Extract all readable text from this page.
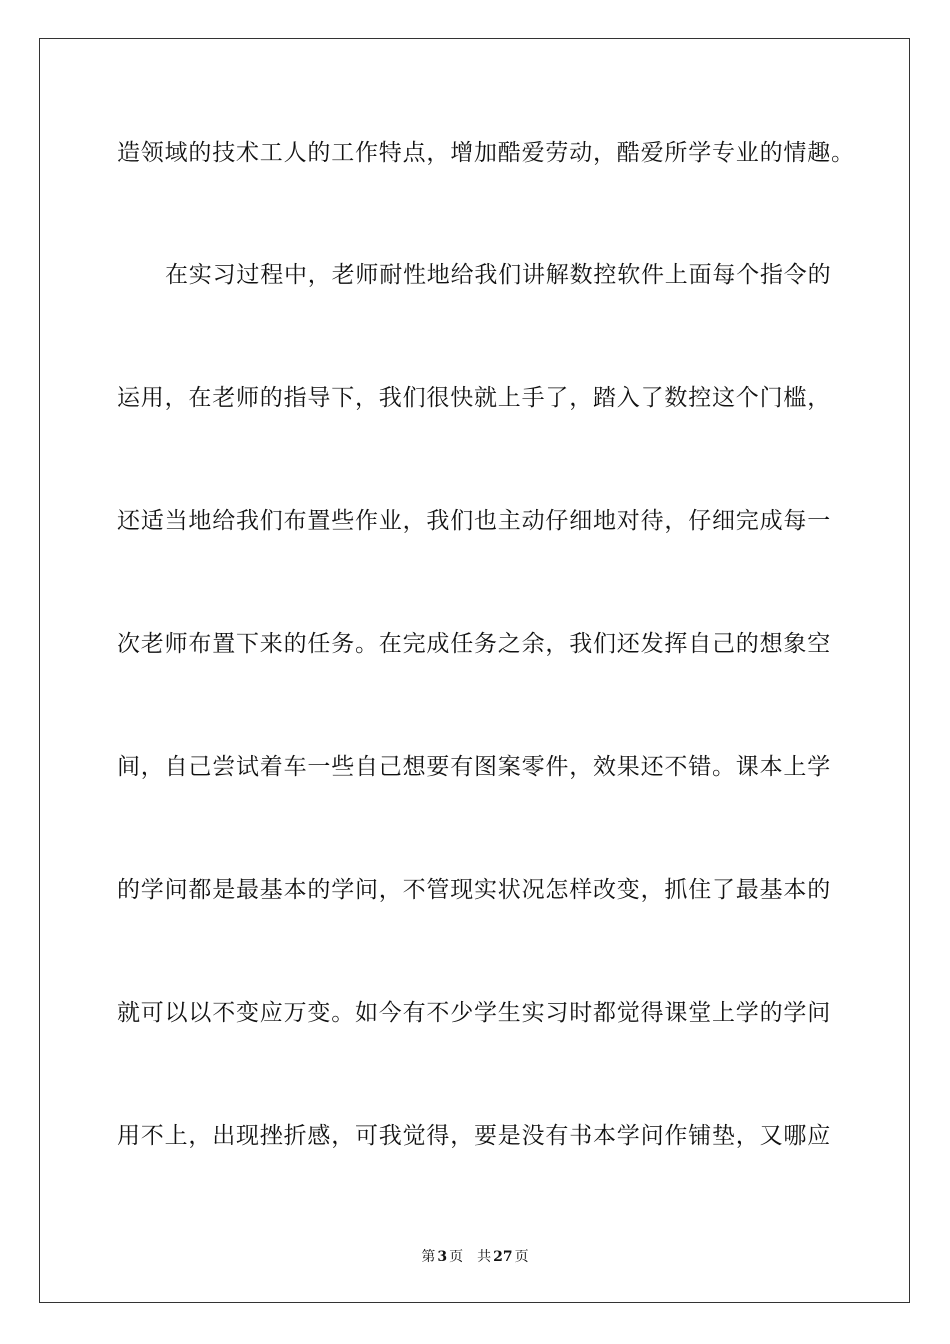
造领域的技术工人的工作特点，增加酷爱劳动，酷爱所学专业的情趣。
在实习过程中，老师耐性地给我们讲解数控软件上面每个指令的
运用，在老师的指导下，我们很快就上手了，踏入了数控这个门槛，
还适当地给我们布置些作业，我们也主动仔细地对待，仔细完成每一
次老师布置下来的任务。在完成任务之余，我们还发挥自己的想象空
间，自己尝试着车一些自己想要有图案零件，效果还不错。课本上学
的学问都是最基本的学问，不管现实状况怎样改变，抓住了最基本的
就可以以不变应万变。如今有不少学生实习时都觉得课堂上学的学问
用不上，出现挫折感，可我觉得，要是没有书本学问作铺垫，又哪应
第 3 页 共 27 页
